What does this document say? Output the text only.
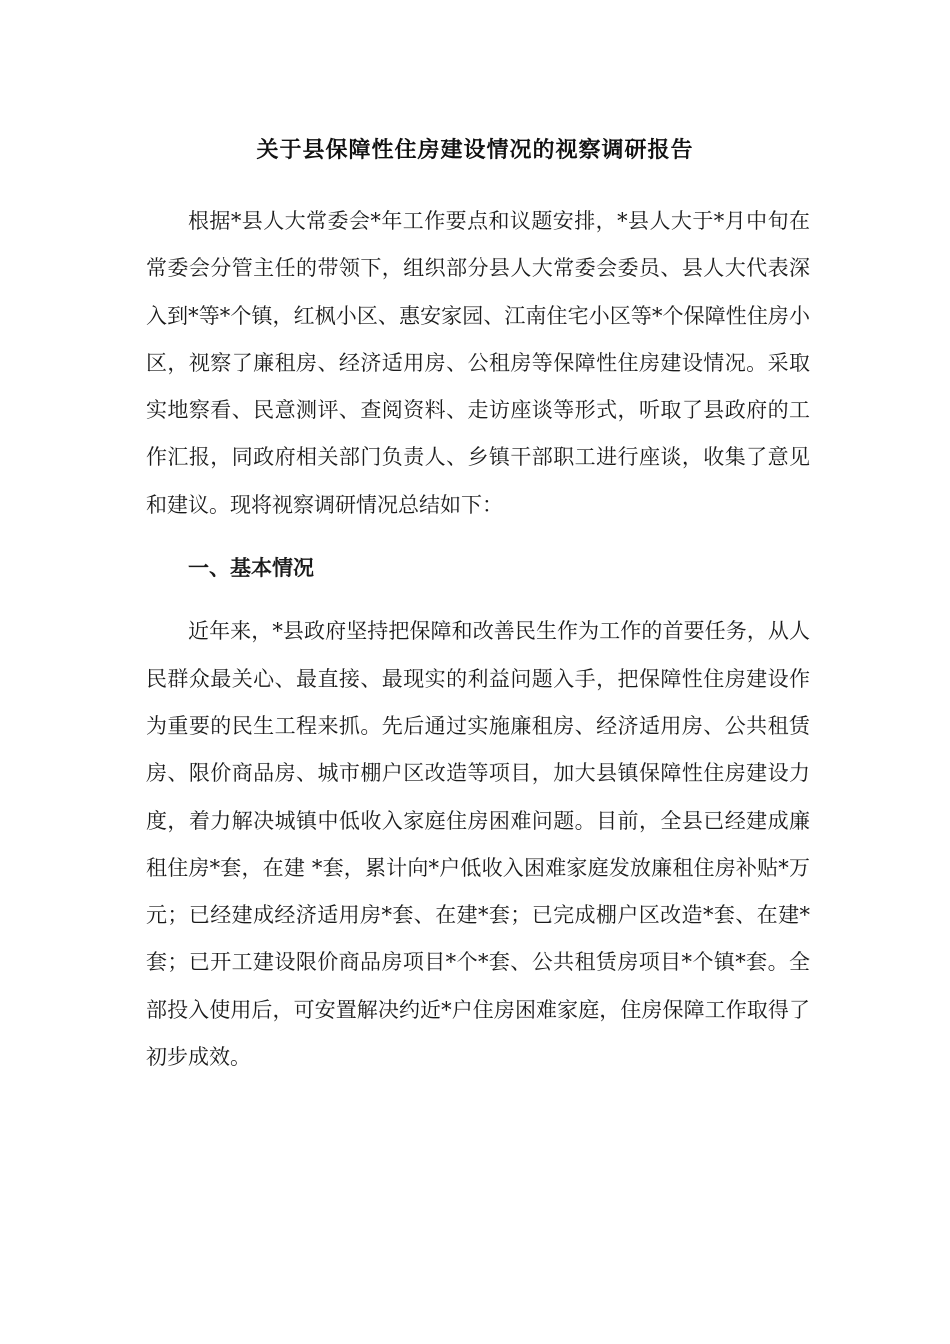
关于县保障性住房建设情况的视察调研报告

根据*县人大常委会*年工作要点和议题安排，*县人大于*月中旬在常委会分管主任的带领下，组织部分县人大常委会委员、县人大代表深入到*等*个镇，红枫小区、惠安家园、江南住宅小区等*个保障性住房小区，视察了廉租房、经济适用房、公租房等保障性住房建设情况。采取实地察看、民意测评、查阅资料、走访座谈等形式，听取了县政府的工作汇报，同政府相关部门负责人、乡镇干部职工进行座谈，收集了意见和建议。现将视察调研情况总结如下：

一、基本情况

近年来，*县政府坚持把保障和改善民生作为工作的首要任务，从人民群众最关心、最直接、最现实的利益问题入手，把保障性住房建设作为重要的民生工程来抓。先后通过实施廉租房、经济适用房、公共租赁房、限价商品房、城市棚户区改造等项目，加大县镇保障性住房建设力度，着力解决城镇中低收入家庭住房困难问题。目前，全县已经建成廉租住房*套，在建 *套，累计向*户低收入困难家庭发放廉租住房补贴*万元；已经建成经济适用房*套、在建*套；已完成棚户区改造*套、在建*套；已开工建设限价商品房项目*个*套、公共租赁房项目*个镇*套。全部投入使用后，可安置解决约近*户住房困难家庭，住房保障工作取得了初步成效。
